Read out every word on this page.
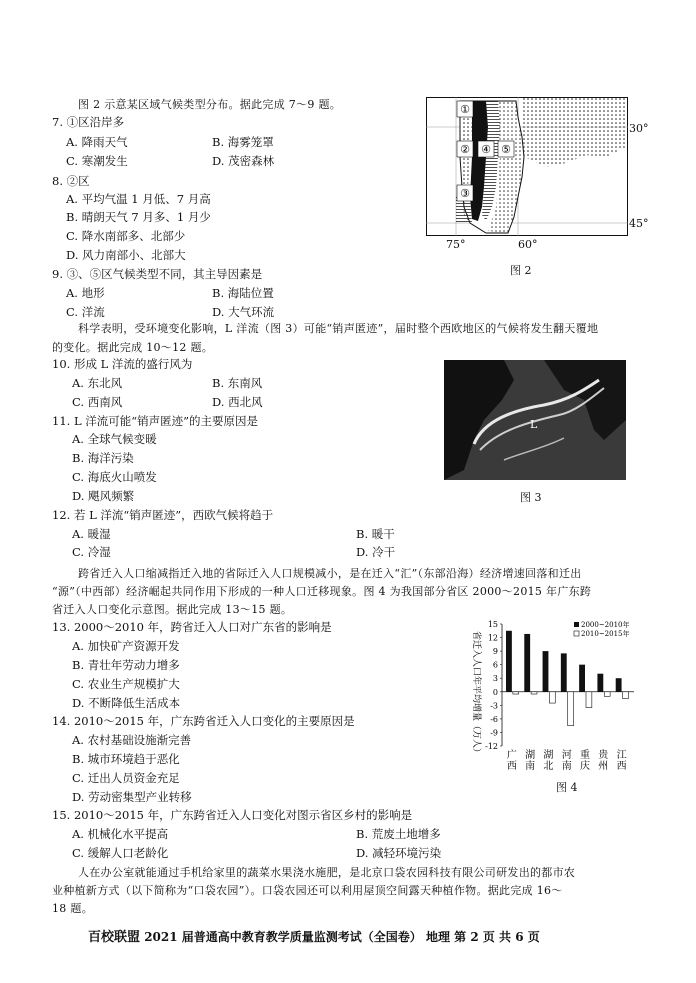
图 2 示意某区域气候类型分布。据此完成 7～9 题。
7. ①区沿岸多
A. 降雨天气	B. 海雾笼罩
C. 寒潮发生	D. 茂密森林
8. ②区
A. 平均气温 1 月低、7 月高
B. 晴朗天气 7 月多、1 月少
C. 降水南部多、北部少
D. 风力南部小、北部大
9. ③、⑤区气候类型不同，其主导因素是
A. 地形	B. 海陆位置
C. 洋流	D. 大气环流
①
②
③
④ ⑤
30°
45°
75°	60°
图 2
科学表明，受环境变化影响，L 洋流（图 3）可能“销声匿迹”，届时整个西欧地区的气候将发生翻天覆地
的变化。据此完成 10～12 题。
10. 形成 L 洋流的盛行风为
A. 东北风	B. 东南风
C. 西南风	D. 西北风
11. L 洋流可能“销声匿迹”的主要原因是
A. 全球气候变暖
B. 海洋污染
C. 海底火山喷发
D. 飓风频繁
12. 若 L 洋流“销声匿迹”，西欧气候将趋于
A. 暖湿	B. 暖干
C. 冷湿	D. 冷干
L
图 3
跨省迁入人口缩减指迁入地的省际迁入人口规模减小，是在迁入“汇”（东部沿海）经济增速回落和迁出
“源”（中西部）经济崛起共同作用下形成的一种人口迁移现象。图 4 为我国部分省区 2000～2015 年广东跨
省迁入人口变化示意图。据此完成 13～15 题。
13. 2000～2010 年，跨省迁入人口对广东省的影响是
A. 加快矿产资源开发
B. 青壮年劳动力增多
C. 农业生产规模扩大
D. 不断降低生活成本
14. 2010～2015 年，广东跨省迁入人口变化的主要原因是
A. 农村基础设施渐完善
B. 城市环境趋于恶化
C. 迁出人员资金充足
D. 劳动密集型产业转移
15. 2010～2015 年，广东跨省迁入人口变化对图示省区乡村的影响是
A. 机械化水平提高	B. 荒废土地增多
C. 缓解人口老龄化	D. 减轻环境污染
省迁入人口年平均增量（万人）
15
12
9
6
3
0
-3
-6
-9
-12
广
西
湖
南
湖
北
河
南
重
庆
贵
州
江
西
2000~2010年
2010~2015年
图 4
人在办公室就能通过手机给家里的蔬菜水果浇水施肥，是北京口袋农园科技有限公司研发出的都市农
业种植新方式（以下简称为“口袋农园”）。口袋农园还可以利用屋顶空间露天种植作物。据此完成 16～
18 题。
百校联盟 2021 届普通高中教育教学质量监测考试（全国卷） 地理 第 2 页 共 6 页
